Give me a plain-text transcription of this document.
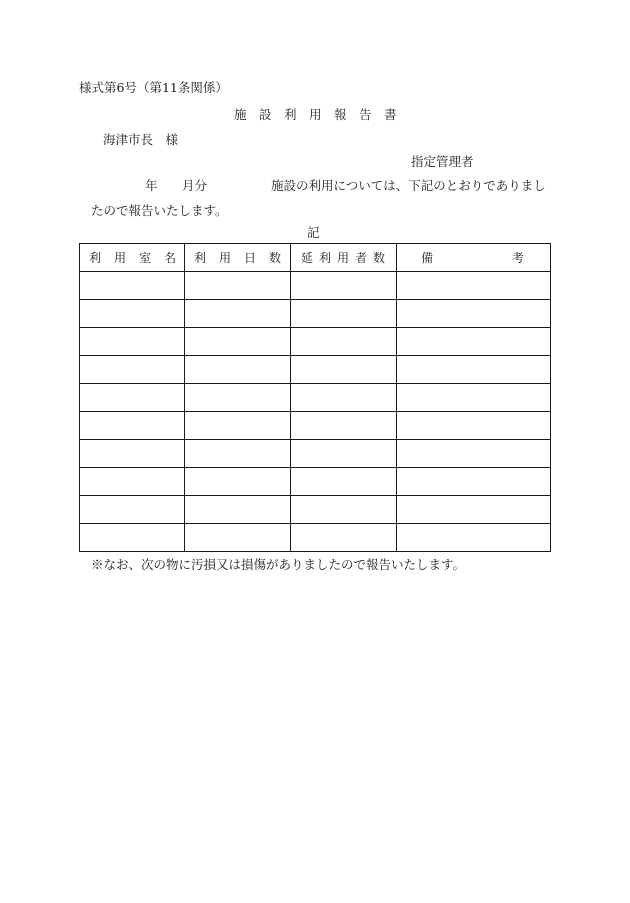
様式第6号（第11条関係）
施　設　利　用　報　告　書
海津市長　様
指定管理者
年 月分	施設の利用については、下記のとおりでありまし
たので報告いたします。
記
利 用 室 名	利 用 日 数	延 利 用 者 数	備 考

※なお、次の物に汚損又は損傷がありましたので報告いたします。
